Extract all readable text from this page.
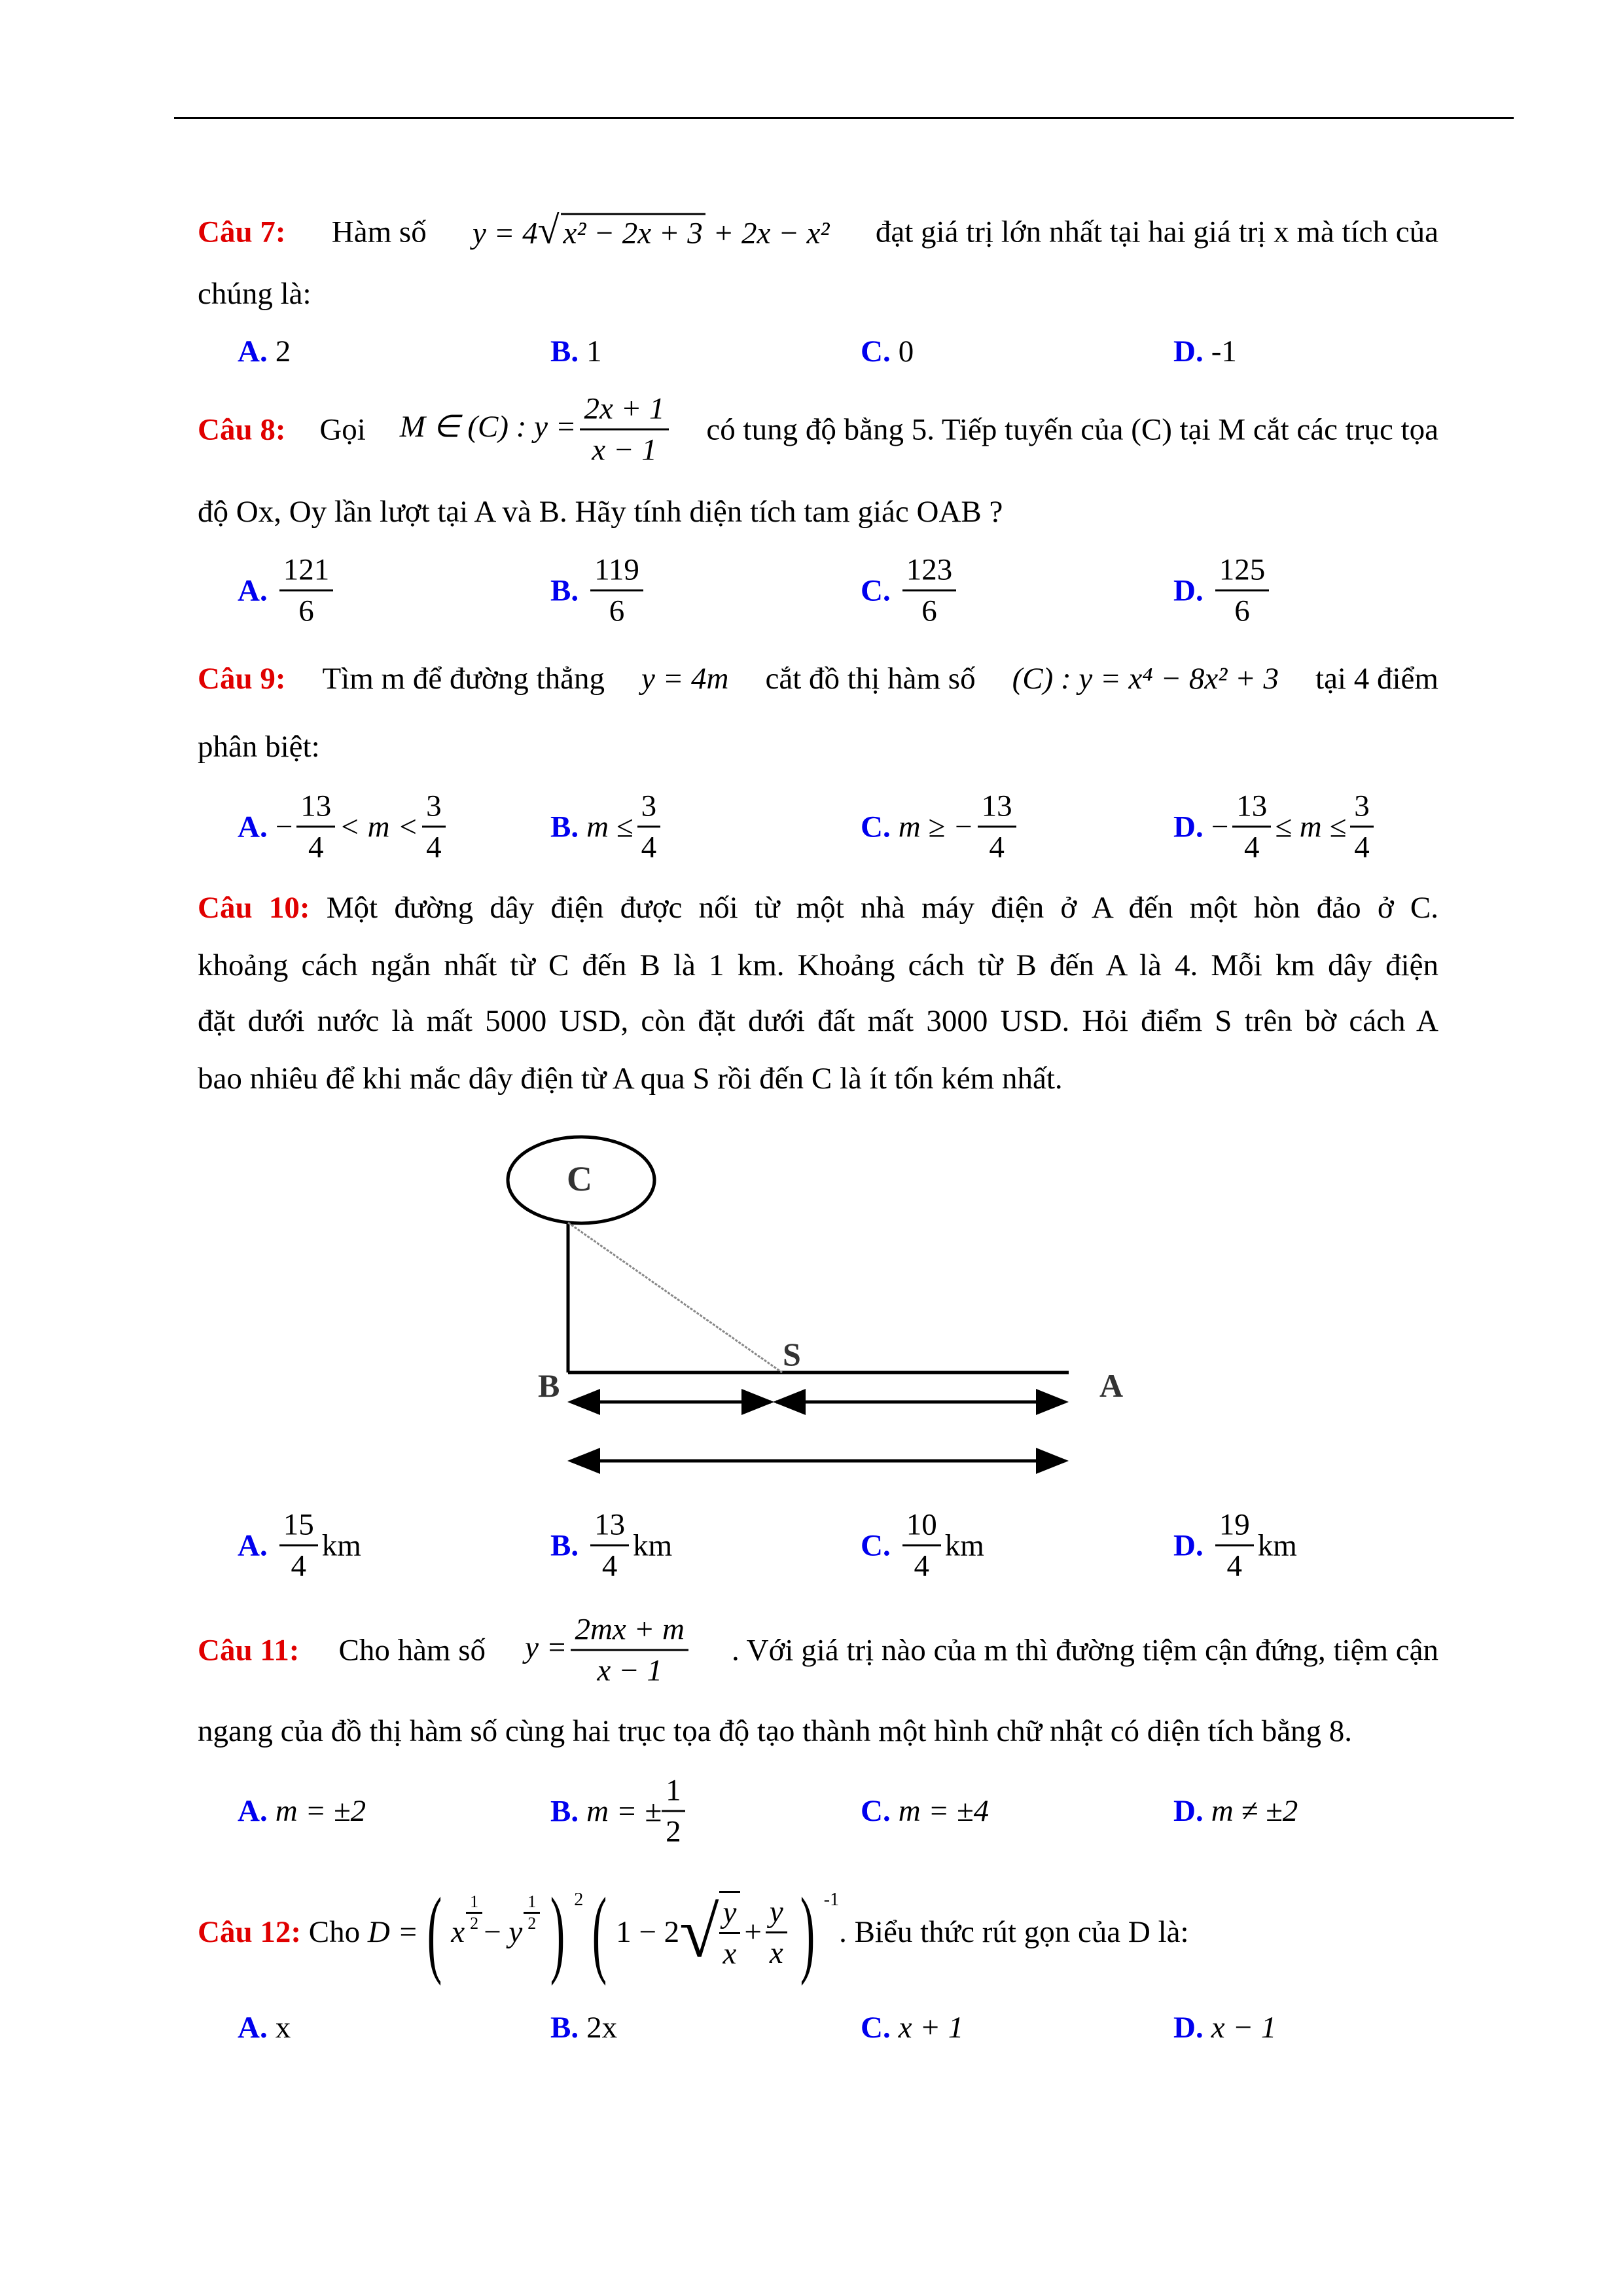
Câu 7: Hàm số y = 4√ x² − 2x + 3 + 2x − x² đạt giá trị lớn nhất tại hai giá trị x mà tích của
chúng là:
A. 2	B. 1	C. 0	D. -1
Câu 8: Gọi M ∈ (C) : $y = \frac{2x + 1}{x - 1}$ có tung độ bằng 5. Tiếp tuyến của (C) tại M cắt các trục tọa
độ Ox, Oy lần lượt tại A và B. Hãy tính diện tích tam giác OAB ?
A. $\frac{121}{6}$	B. $\frac{119}{6}$	C. $\frac{123}{6}$	D. $\frac{125}{6}$
Câu 9: Tìm m để đường thẳng y = 4m cắt đồ thị hàm số (C) : y = x⁴ − 8x² + 3 tại 4 điểm
phân biệt:
A. − $\frac{13}{4} < m < \frac{3}{4}$	B. $m \le \frac{3}{4}$	C. m ≥ − $\frac{13}{4}$	D. − $\frac{13}{4} \le m \le \frac{3}{4}$
Câu 10: Một đường dây điện được nối từ một nhà máy điện ở A đến một hòn đảo ở C.
khoảng cách ngắn nhất từ C đến B là 1 km. Khoảng cách từ B đến A là 4. Mỗi km dây điện
đặt dưới nước là mất 5000 USD, còn đặt dưới đất mất 3000 USD. Hỏi điểm S trên bờ cách A
bao nhiêu để khi mắc dây điện từ A qua S rồi đến C là ít tốn kém nhất.
C
B
S
A
A. $\frac{15}{4}$ km	B. $\frac{13}{4}$ km	C. $\frac{10}{4}$ km	D. $\frac{19}{4}$ km
Câu 11: Cho hàm số $y = \frac{2mx + m}{x - 1}$ . Với giá trị nào của m thì đường tiệm cận đứng, tiệm cận
ngang của đồ thị hàm số cùng hai trục tọa độ tạo thành một hình chữ nhật có diện tích bằng 8.
A. m = ±2	B. m = ± $\frac{1}{2}$	C. m = ±4	D. m ≠ ±2
Câu 12:
Cho
D = ( x $\frac{1}{2}$ −
y $\frac{1}{2}$ ) 2 ( 1 − 2 √ $\frac{y}{x} + \frac{y}{x}$ ) -1
. Biểu thức rút gọn của D là:
A. x	B. 2x	C. x + 1	D. x − 1
